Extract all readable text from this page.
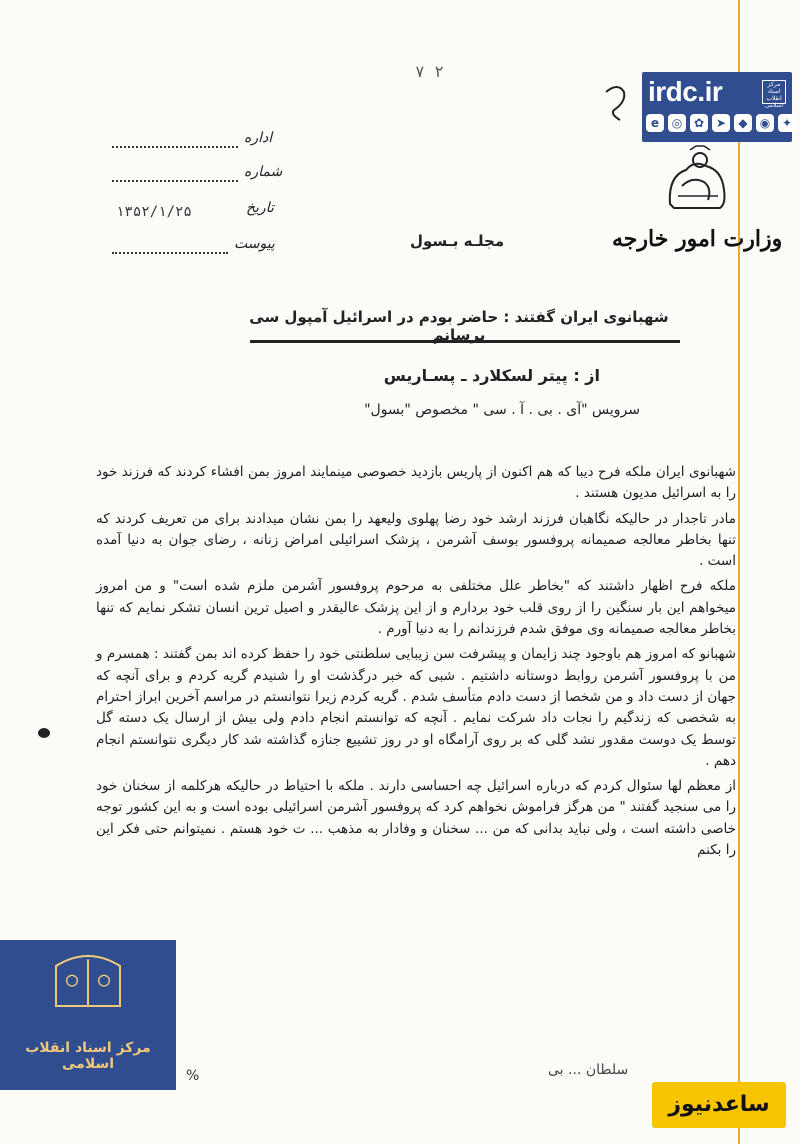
irdc.ir	مرکز اسناد انقلاب اسلامی
e	◎ ✿ ➤	◆	◉ ✦
وزارت امور خارجه
مجلـه بـسول
۷ ۲
اداره
شماره
تاریخ
۱۳۵۲/۱/۲۵
پیوست
شهبانوی ایران گفتند : حاضر بودم در اسرائیل آمپول سی برسانم
از : پیتر لسکلارد ـ پسـاریس
سرویس "آی . بی . آ . سی " مخصوص "بسول"

شهبانوی ایران ملکه فرح دیبا که هم اکنون از پاریس بازدید خصوصی مینمایند امروز بمن افشاء کردند که فرزند خود را به اسرائیل مدیون هستند .

مادر تاجدار در حالیکه نگاهبان فرزند ارشد خود رضا پهلوی ولیعهد را بمن نشان میدادند برای من تعریف کردند که تنها بخاطر معالجه صمیمانه پروفسور بوسف آشرمن ، پزشک اسرائیلی امراض زنانه ، رضای جوان به دنیا آمده است .

ملکه فرح اظهار داشتند که "بخاطر علل مختلفی به مرحوم پروفسور آشرمن ملزم شده است" و من امروز میخواهم این بار سنگین را از روی قلب خود بردارم و از این پزشک عالیقدر و اصیل ترین انسان تشکر نمایم که تنها بخاطر معالجه صمیمانه وی موفق شدم فرزندانم را به دنیا آورم .

شهبانو که امروز هم باوجود چند زایمان و پیشرفت سن زیبایی سلطنتی خود را حفظ کرده اند بمن گفتند : همسرم و من با پروفسور آشرمن روابط دوستانه داشتیم . شبی که خبر درگذشت او را شنیدم گریه کردم و برای آنچه که جهان از دست داد و من شخصا از دست دادم متأسف شدم . گریه کردم زیرا نتوانستم در مراسم آخرین ابراز احترام به شخصی که زندگیم را نجات داد شرکت نمایم . آنچه که توانستم انجام دادم ولی بیش از ارسال یک دسته گل توسط یک دوست مقدور نشد گلی که بر روی آرامگاه او در روز تشییع جنازه گذاشته شد کار دیگری نتوانستم انجام دهم .

از معظم لها سئوال کردم که درباره اسرائیل چه احساسی دارند . ملکه با احتیاط در حالیکه هرکلمه از سخنان خود را می سنجید گفتند " من هرگز فراموش نخواهم کرد که پروفسور آشرمن اسرائیلی بوده است و به این کشور توجه خاصی داشته است ، ولی نباید بدانی که من ... سخنان و وفادار به مذهب ... ت خود هستم . نمیتوانم حتی فکر این را بکنم

%	سلطان ... بی
مرکز اسناد انقلاب اسلامی
ساعدنیوز
